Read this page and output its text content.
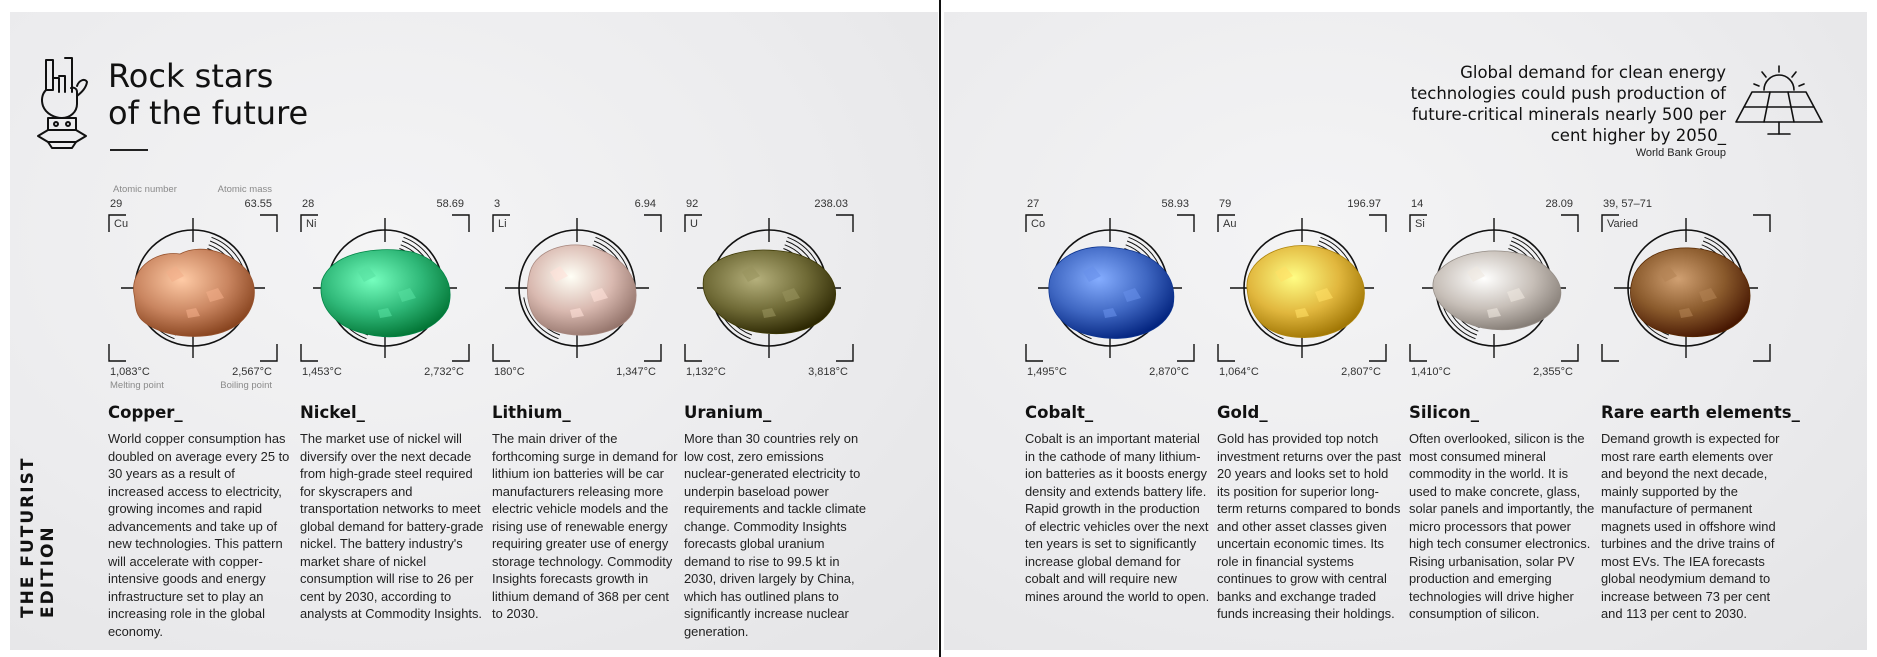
THE FUTURIST EDITION
Rock stars
of the future
Global demand for clean energy technologies could push production of future-critical minerals nearly 500 per cent higher by 2050_
World Bank Group
Atomic number	Atomic mass
29	63.55
Cu
1,083°C	2,567°C
Melting point	Boiling point
Copper_

World copper consumption has doubled on average every 25 to 30 years as a result of increased access to electricity, growing incomes and rapid advancements and take up of new technologies. This pattern will accelerate with copper-intensive goods and energy infrastructure set to play an increasing role in the global economy.

28	58.69
Ni
1,453°C	2,732°C
Nickel_

The market use of nickel will diversify over the next decade from high-grade steel required for skyscrapers and transportation networks to meet global demand for battery-grade nickel. The battery industry's market share of nickel consumption will rise to 26 per cent by 2030, according to analysts at Commodity Insights.

3	6.94
Li
180°C	1,347°C
Lithium_

The main driver of the forthcoming surge in demand for lithium ion batteries will be car manufacturers releasing more electric vehicle models and the rising use of renewable energy requiring greater use of energy storage technology. Commodity Insights forecasts growth in lithium demand of 368 per cent to 2030.

92	238.03
U
1,132°C	3,818°C
Uranium_

More than 30 countries rely on low cost, zero emissions nuclear-generated electricity to underpin baseload power requirements and tackle climate change. Commodity Insights forecasts global uranium demand to rise to 99.5 kt in 2030, driven largely by China, which has outlined plans to significantly increase nuclear generation.

27	58.93
Co
1,495°C	2,870°C
Cobalt_

Cobalt is an important material in the cathode of many lithium-ion batteries as it boosts energy density and extends battery life. Rapid growth in the production of electric vehicles over the next ten years is set to significantly increase global demand for cobalt and will require new mines around the world to open.

79	196.97
Au
1,064°C	2,807°C
Gold_

Gold has provided top notch investment returns over the past 20 years and looks set to hold its position for superior long-term returns compared to bonds and other asset classes given uncertain economic times. Its role in financial systems continues to grow with central banks and exchange traded funds increasing their holdings.

14	28.09
Si
1,410°C	2,355°C
Silicon_

Often overlooked, silicon is the most consumed mineral commodity in the world. It is used to make concrete, glass, solar panels and importantly, the micro processors that power high tech consumer electronics. Rising urbanisation, solar PV production and emerging technologies will drive higher consumption of silicon.

39, 57–71
Varied
Rare earth elements_

Demand growth is expected for most rare earth elements over and beyond the next decade, mainly supported by the manufacture of permanent magnets used in offshore wind turbines and the drive trains of most EVs. The IEA forecasts global neodymium demand to increase between 73 per cent and 113 per cent to 2030.
